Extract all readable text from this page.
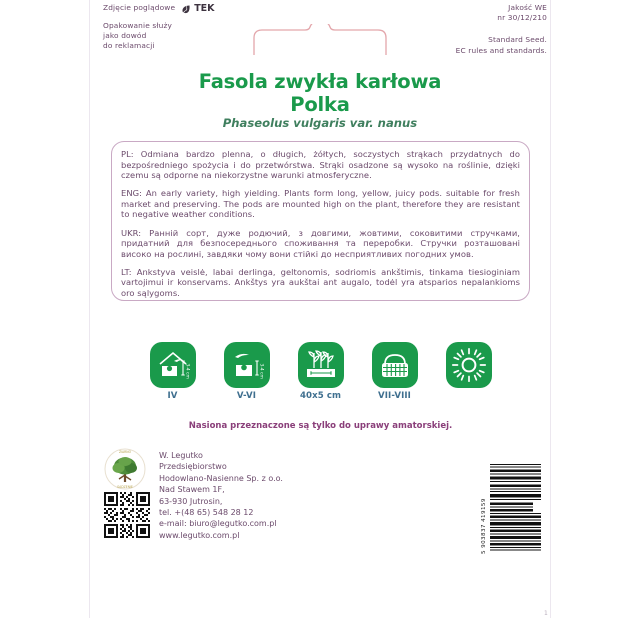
Zdjęcie poglądowe TEK
Opakowanie służy
jako dowód
do reklamacji
Jakość WE
nr 30/12/210
Standard Seed.
EC rules and standards.
Fasola zwykła karłowa
Polka
Phaseolus vulgaris var. nanus

PL: Odmiana bardzo plenna, o długich, żółtych, soczystych strąkach przydatnych do bezpośredniego spożycia i do przetwórstwa. Strąki osadzone są wysoko na roślinie, dzięki czemu są odporne na niekorzystne warunki atmosferyczne.

ENG: An early variety, high yielding. Plants form long, yellow, juicy pods. suitable for fresh market and preserving. The pods are mounted high on the plant, therefore they are resistant to negative weather conditions.

UKR: Ранній сорт, дуже родючий, з довгими, жовтими, соковитими стручками, придатний для безпосереднього споживання та переробки. Стручки розташовані високо на рослині, завдяки чому вони стійкі до несприятливих погодних умов.

LT: Ankstyva veislė, labai derlinga, geltonomis, sodriomis ankštimis, tinkama tiesioginiam vartojimui ir konservams. Ankštys yra aukštai ant augalo, todėl yra atsparios nepalankioms oro sąlygoms.

3-4 cm
IV
3-4 cm
V-VI	40x5 cm	VII-VIII
Nasiona przeznaczone są tylko do uprawy amatorskiej.
ZIARNO
SADZENIE
W. Legutko
Przedsiębiorstwo
Hodowlano-Nasienne Sp. z o.o.
Nad Stawem 1F,
63-930 Jutrosin,
tel. +(48 65) 548 28 12
e-mail: biuro@legutko.com.pl
www.legutko.com.pl	5 903837 419159
1
